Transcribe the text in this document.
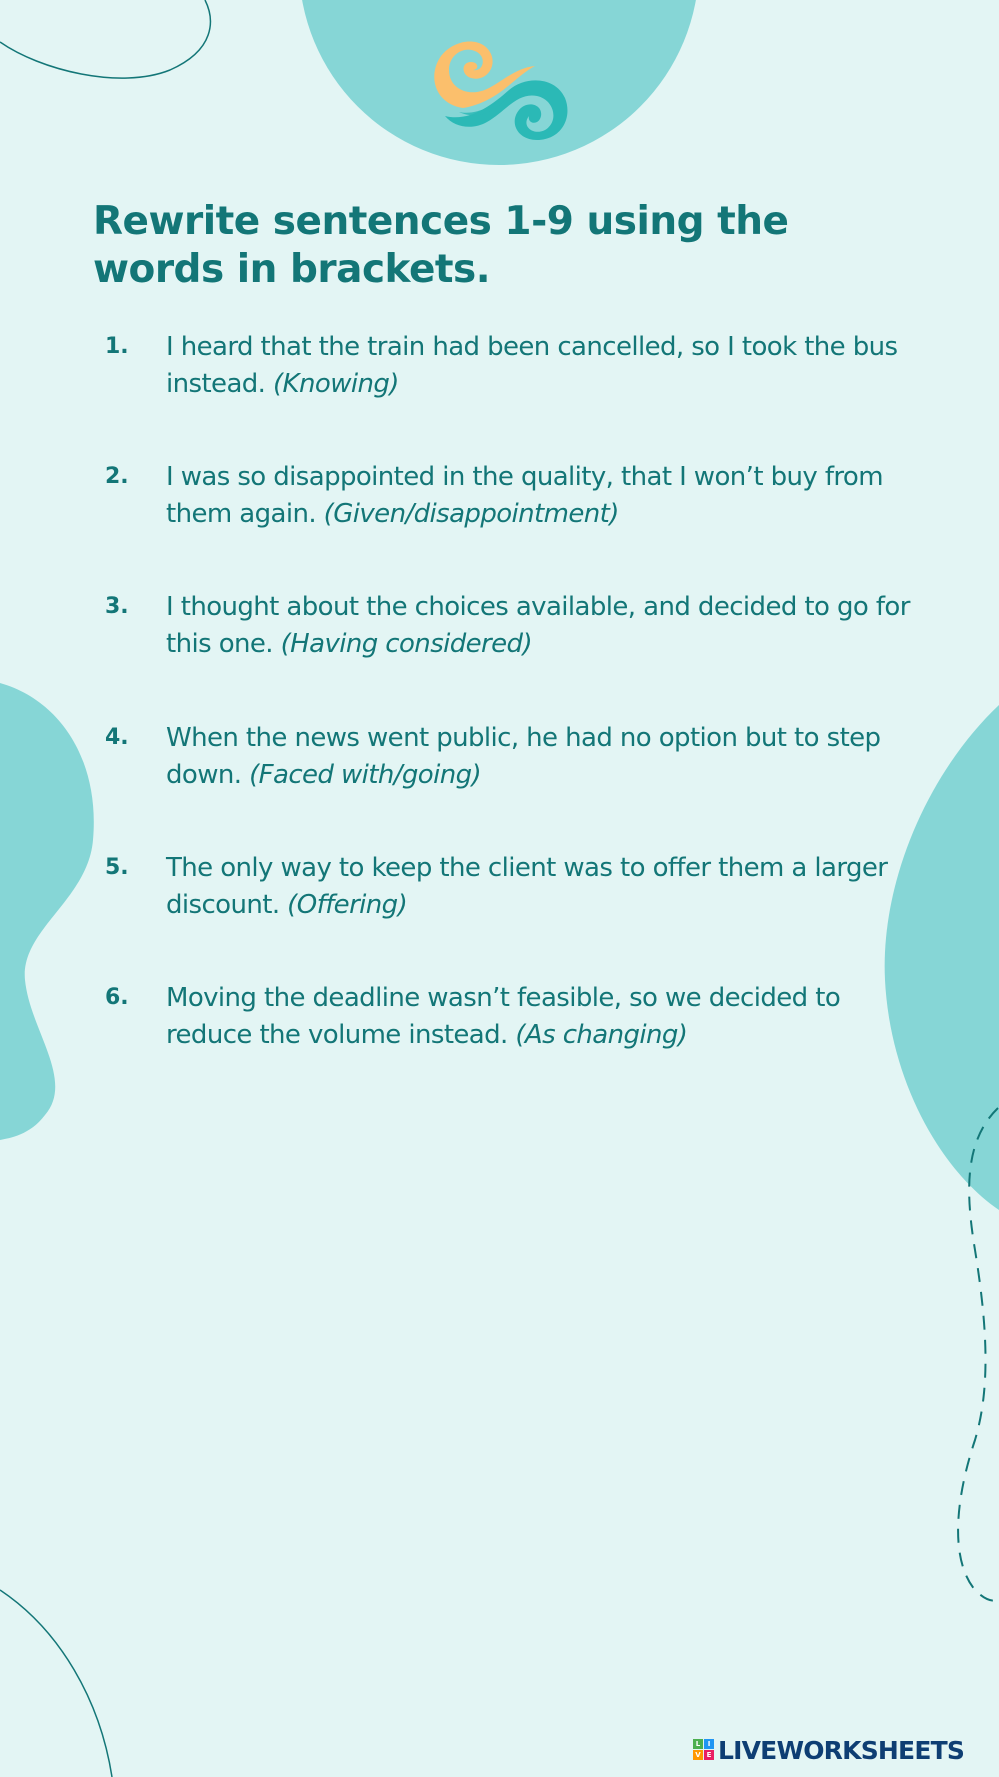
Rewrite sentences 1-9 using the words in brackets.
1.	I heard that the train had been cancelled, so I took the bus instead. (Knowing)
2.	I was so disappointed in the quality, that I won’t buy from them again. (Given/disappointment)
3.	I thought about the choices available, and decided to go for this one. (Having considered)
4.	When the news went public, he had no option but to step down. (Faced with/going)
5.	The only way to keep the client was to offer them a larger discount. (Offering)
6.	Moving the deadline wasn’t feasible, so we decided to reduce the volume instead. (As changing)
L	I
V E LIVEWORKSHEETS
